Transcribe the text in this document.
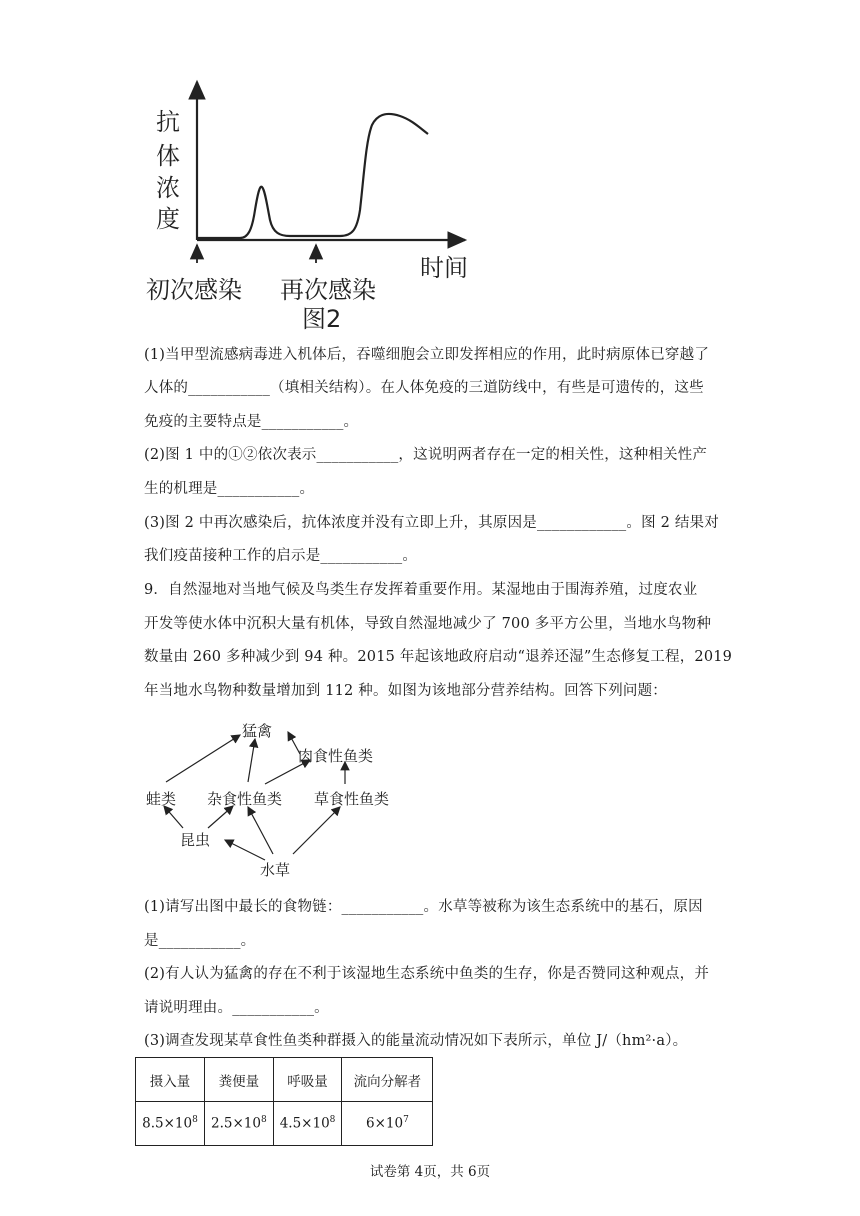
抗
体
浓
度
时间
初次感染 再次感染
图2
(1)当甲型流感病毒进入机体后，吞噬细胞会立即发挥相应的作用，此时病原体已穿越了
人体的___________（填相关结构）。在人体免疫的三道防线中，有些是可遗传的，这些
免疫的主要特点是___________。
(2)图 1 中的①②依次表示___________，这说明两者存在一定的相关性，这种相关性产
生的机理是___________。
(3)图 2 中再次感染后，抗体浓度并没有立即上升，其原因是____________。图 2 结果对
我们疫苗接种工作的启示是___________。
9．自然湿地对当地气候及鸟类生存发挥着重要作用。某湿地由于围海养殖，过度农业
开发等使水体中沉积大量有机体，导致自然湿地减少了 700 多平方公里，当地水鸟物种
数量由 260 多种减少到 94 种。2015 年起该地政府启动“退养还湿”生态修复工程，2019
年当地水鸟物种数量增加到 112 种。如图为该地部分营养结构。回答下列问题：
猛禽
肉食性鱼类
蛙类 杂食性鱼类 草食性鱼类
昆虫
水草
(1)请写出图中最长的食物链：___________。水草等被称为该生态系统中的基石，原因
是___________。
(2)有人认为猛禽的存在不利于该湿地生态系统中鱼类的生存，你是否赞同这种观点，并
请说明理由。___________。
(3)调查发现某草食性鱼类种群摄入的能量流动情况如下表所示，单位 J/（hm²·a）。
摄入量	粪便量	呼吸量	流向分解者
$8.5\times 10^8$	$2.5\times 10^8$	$4.5\times 10^8$	$6\times 10^7$
试卷第 4页，共 6页
